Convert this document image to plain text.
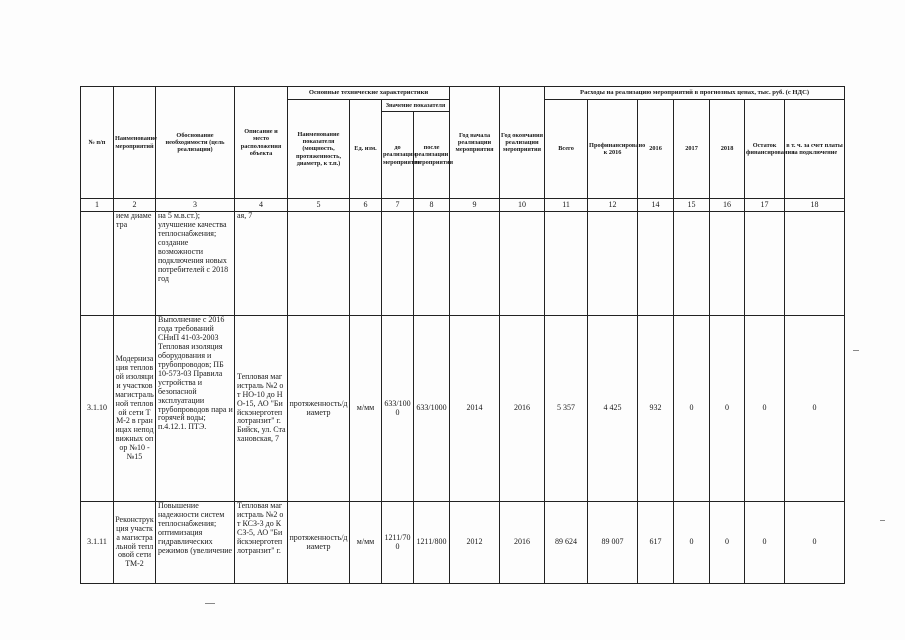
№ п/п	Наименование мероприятий	Обоснование необходимости (цель реализации)	Описание и место расположения объекта	Основные технические характеристики				Год начала реализации мероприятия	Год окончания реализации мероприятия	Расходы на реализацию мероприятий в прогнозных ценах, тыс. руб. (с НДС)						
				Наименование показателя (мощность, протяженность, диаметр, к т.п.)	Ед. изм.	Значение показателя				Всего	Профинансировано к 2016	2016	2017	2018	Остаток финансирования	в т. ч. за счет платы за подключение
						до реализации мероприятия	после реализации мероприятия									
1	2	3	4	5	6	7	8	9	10	11	12	14	15	16	17	18
	ием диаметра	на 5 м.в.ст.); улучшение качества теплоснабжения; создание возможности подключения новых потребителей с 2018 год	ая, 7													
3.1.10	Модернизация тепловой изоляции участков магистральной тепловой сети ТМ-2 в границах неподвижных опор №10 -№15	Выполнение с 2016 года требований СНиП 41-03-2003 Тепловая изоляция оборудования и трубопроводов; ПБ 10-573-03 Правила устройства и безопасной эксплуатации трубопроводов пара и горячей воды; п.4.12.1. ПТЭ.	Тепловая магистраль №2 от НО-10 до НО-15, АО "Бийскэнерготеплотранзит" г. Бийск, ул. Стахановская, 7	протяженность/диаметр	м/мм	633/1000	633/1000	2014	2016	5 357	4 425	932	0	0	0	0
3.1.11	Реконструкция участка магистральной тепловой сети ТМ-2	Повышение надежности систем теплоснабжения; оптимизация гидравлических режимов (увеличение	Тепловая магистраль №2 от КСЗ-3 до КСЗ-5, АО "Бийскэнерготеплотранзит" г.	протяженность/диаметр	м/мм	1211/700	1211/800	2012	2016	89 624	89 007	617	0	0	0	0
